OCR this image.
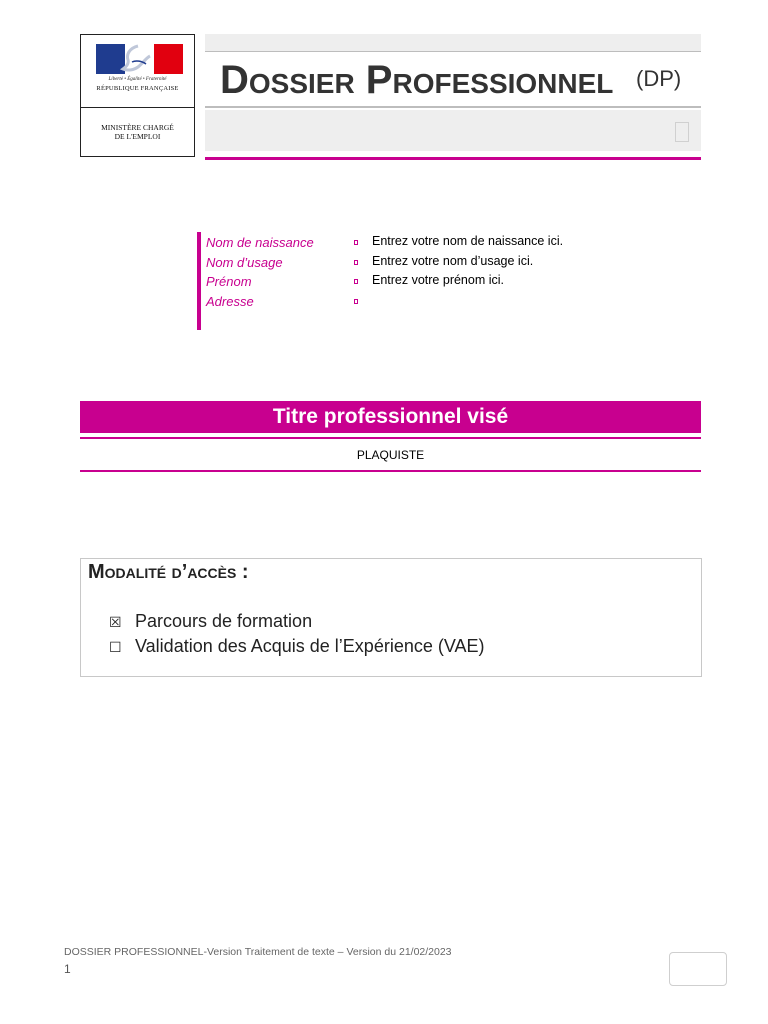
Liberté • Égalité • Fraternité
RÉPUBLIQUE FRANÇAISE
MINISTÈRE CHARGÉ
DE L'EMPLOI
Dossier Professionnel (DP)
Nom de naissance	Entrez votre nom de naissance ici.
Nom d’usage	Entrez votre nom d’usage ici.
Prénom	Entrez votre prénom ici.
Adresse
Titre professionnel visé
PLAQUISTE
Modalité d’accès :
☒ Parcours de formation
☐ Validation des Acquis de l’Expérience (VAE)
DOSSIER PROFESSIONNEL-Version Traitement de texte – Version du 21/02/2023
1
